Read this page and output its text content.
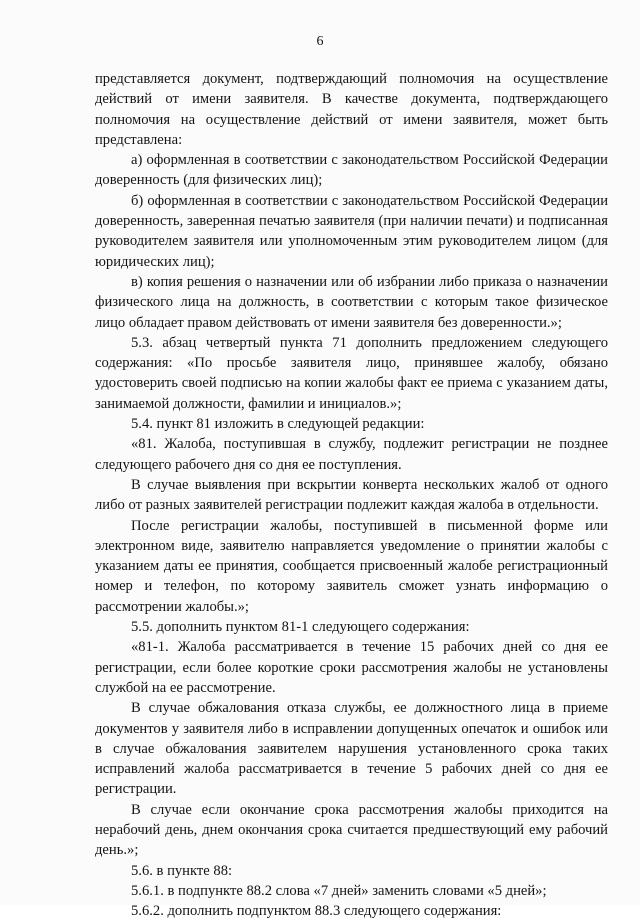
6

представляется документ, подтверждающий полномочия на осуществление действий от имени заявителя. В качестве документа, подтверждающего полномочия на осуществление действий от имени заявителя, может быть представлена:

а) оформленная в соответствии с законодательством Российской Федерации доверенность (для физических лиц);

б) оформленная в соответствии с законодательством Российской Федерации доверенность, заверенная печатью заявителя (при наличии печати) и подписанная руководителем заявителя или уполномоченным этим руководителем лицом (для юридических лиц);

в) копия решения о назначении или об избрании либо приказа о назначении физического лица на должность, в соответствии с которым такое физическое лицо обладает правом действовать от имени заявителя без доверенности.»;

5.3. абзац четвертый пункта 71 дополнить предложением следующего содержания: «По просьбе заявителя лицо, принявшее жалобу, обязано удостоверить своей подписью на копии жалобы факт ее приема с указанием даты, занимаемой должности, фамилии и инициалов.»;

5.4. пункт 81 изложить в следующей редакции:

«81. Жалоба, поступившая в службу, подлежит регистрации не позднее следующего рабочего дня со дня ее поступления.

В случае выявления при вскрытии конверта нескольких жалоб от одного либо от разных заявителей регистрации подлежит каждая жалоба в отдельности.

После регистрации жалобы, поступившей в письменной форме или электронном виде, заявителю направляется уведомление о принятии жалобы с указанием даты ее принятия, сообщается присвоенный жалобе регистрационный номер и телефон, по которому заявитель сможет узнать информацию о рассмотрении жалобы.»;

5.5. дополнить пунктом 81-1 следующего содержания:

«81-1. Жалоба рассматривается в течение 15 рабочих дней со дня ее регистрации, если более короткие сроки рассмотрения жалобы не установлены службой на ее рассмотрение.

В случае обжалования отказа службы, ее должностного лица в приеме документов у заявителя либо в исправлении допущенных опечаток и ошибок или в случае обжалования заявителем нарушения установленного срока таких исправлений жалоба рассматривается в течение 5 рабочих дней со дня ее регистрации.

В случае если окончание срока рассмотрения жалобы приходится на нерабочий день, днем окончания срока считается предшествующий ему рабочий день.»;

5.6. в пункте 88:

5.6.1. в подпункте 88.2 слова «7 дней» заменить словами «5 дней»;

5.6.2. дополнить подпунктом 88.3 следующего содержания:
